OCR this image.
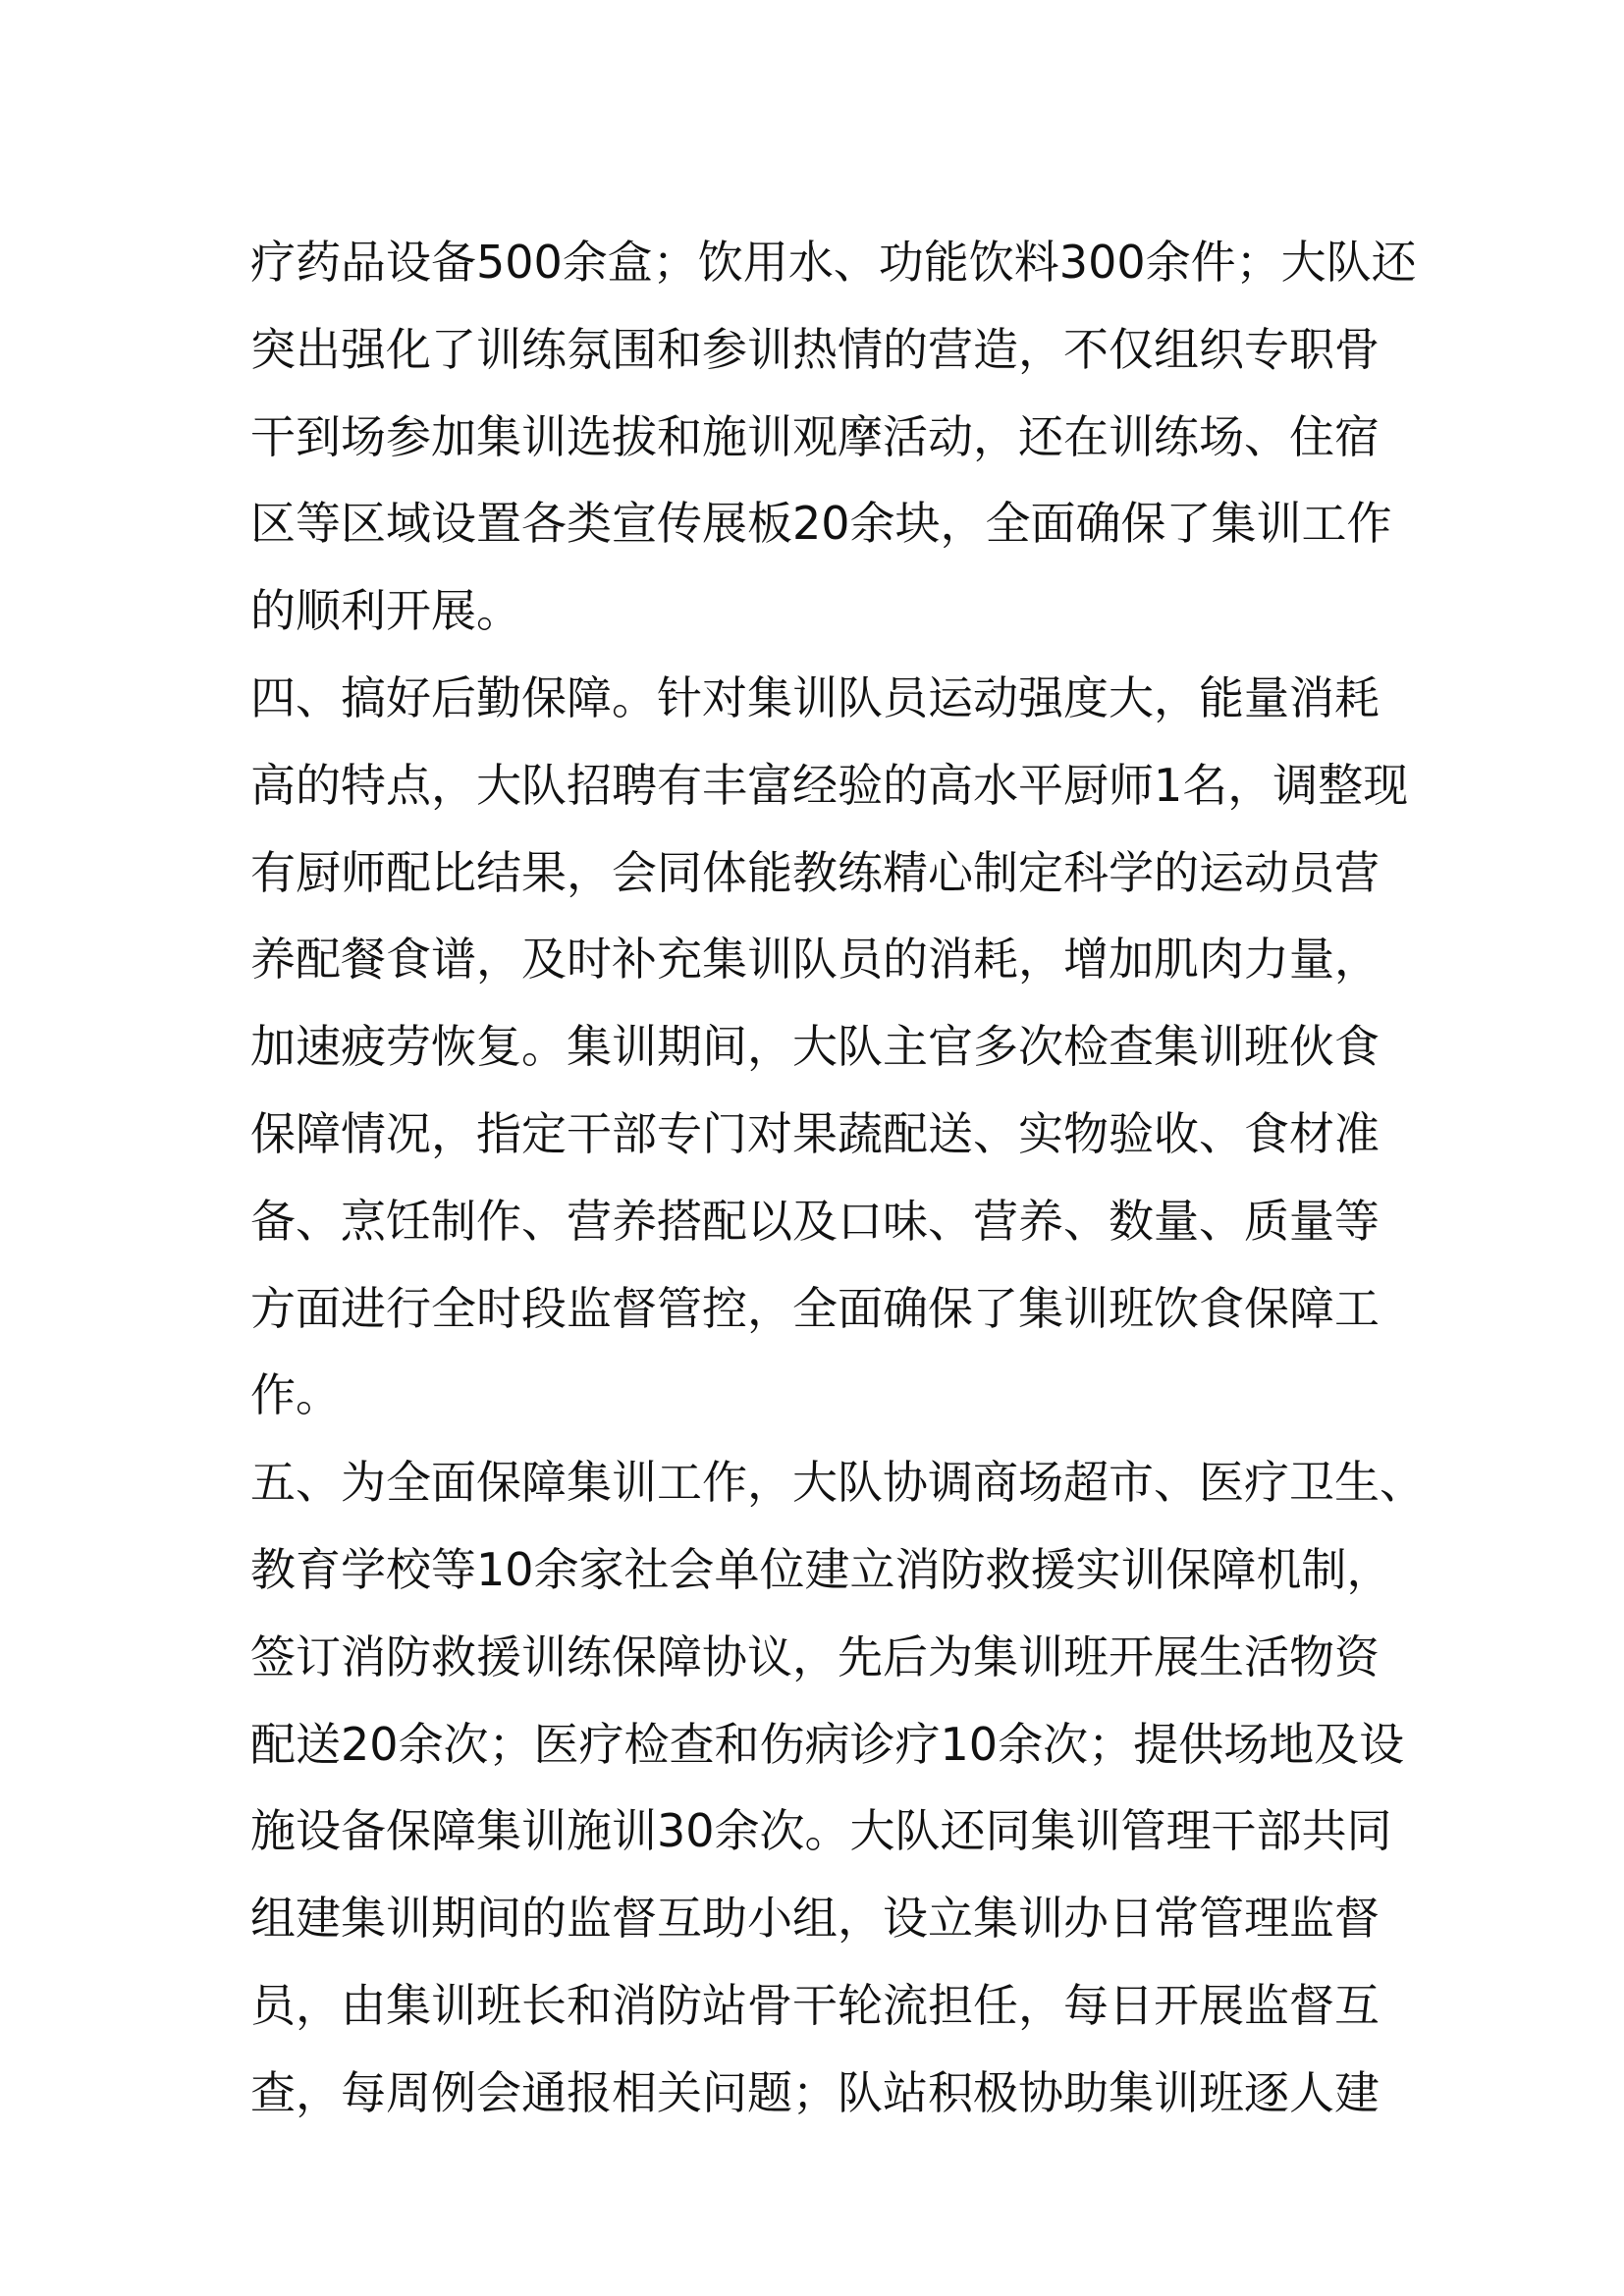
疗药品设备500余盒；饮用水、功能饮料300余件；大队还
突出强化了训练氛围和参训热情的营造，不仅组织专职骨
干到场参加集训选拔和施训观摩活动，还在训练场、住宿
区等区域设置各类宣传展板20余块，全面确保了集训工作
的顺利开展。
四、搞好后勤保障。针对集训队员运动强度大，能量消耗
高的特点，大队招聘有丰富经验的高水平厨师1名，调整现
有厨师配比结果，会同体能教练精心制定科学的运动员营
养配餐食谱，及时补充集训队员的消耗，增加肌肉力量，
加速疲劳恢复。集训期间，大队主官多次检查集训班伙食
保障情况，指定干部专门对果蔬配送、实物验收、食材准
备、烹饪制作、营养搭配以及口味、营养、数量、质量等
方面进行全时段监督管控，全面确保了集训班饮食保障工
作。
五、为全面保障集训工作，大队协调商场超市、医疗卫生、
教育学校等10余家社会单位建立消防救援实训保障机制，
签订消防救援训练保障协议，先后为集训班开展生活物资
配送20余次；医疗检查和伤病诊疗10余次；提供场地及设
施设备保障集训施训30余次。大队还同集训管理干部共同
组建集训期间的监督互助小组，设立集训办日常管理监督
员，由集训班长和消防站骨干轮流担任，每日开展监督互
查，每周例会通报相关问题；队站积极协助集训班逐人建
